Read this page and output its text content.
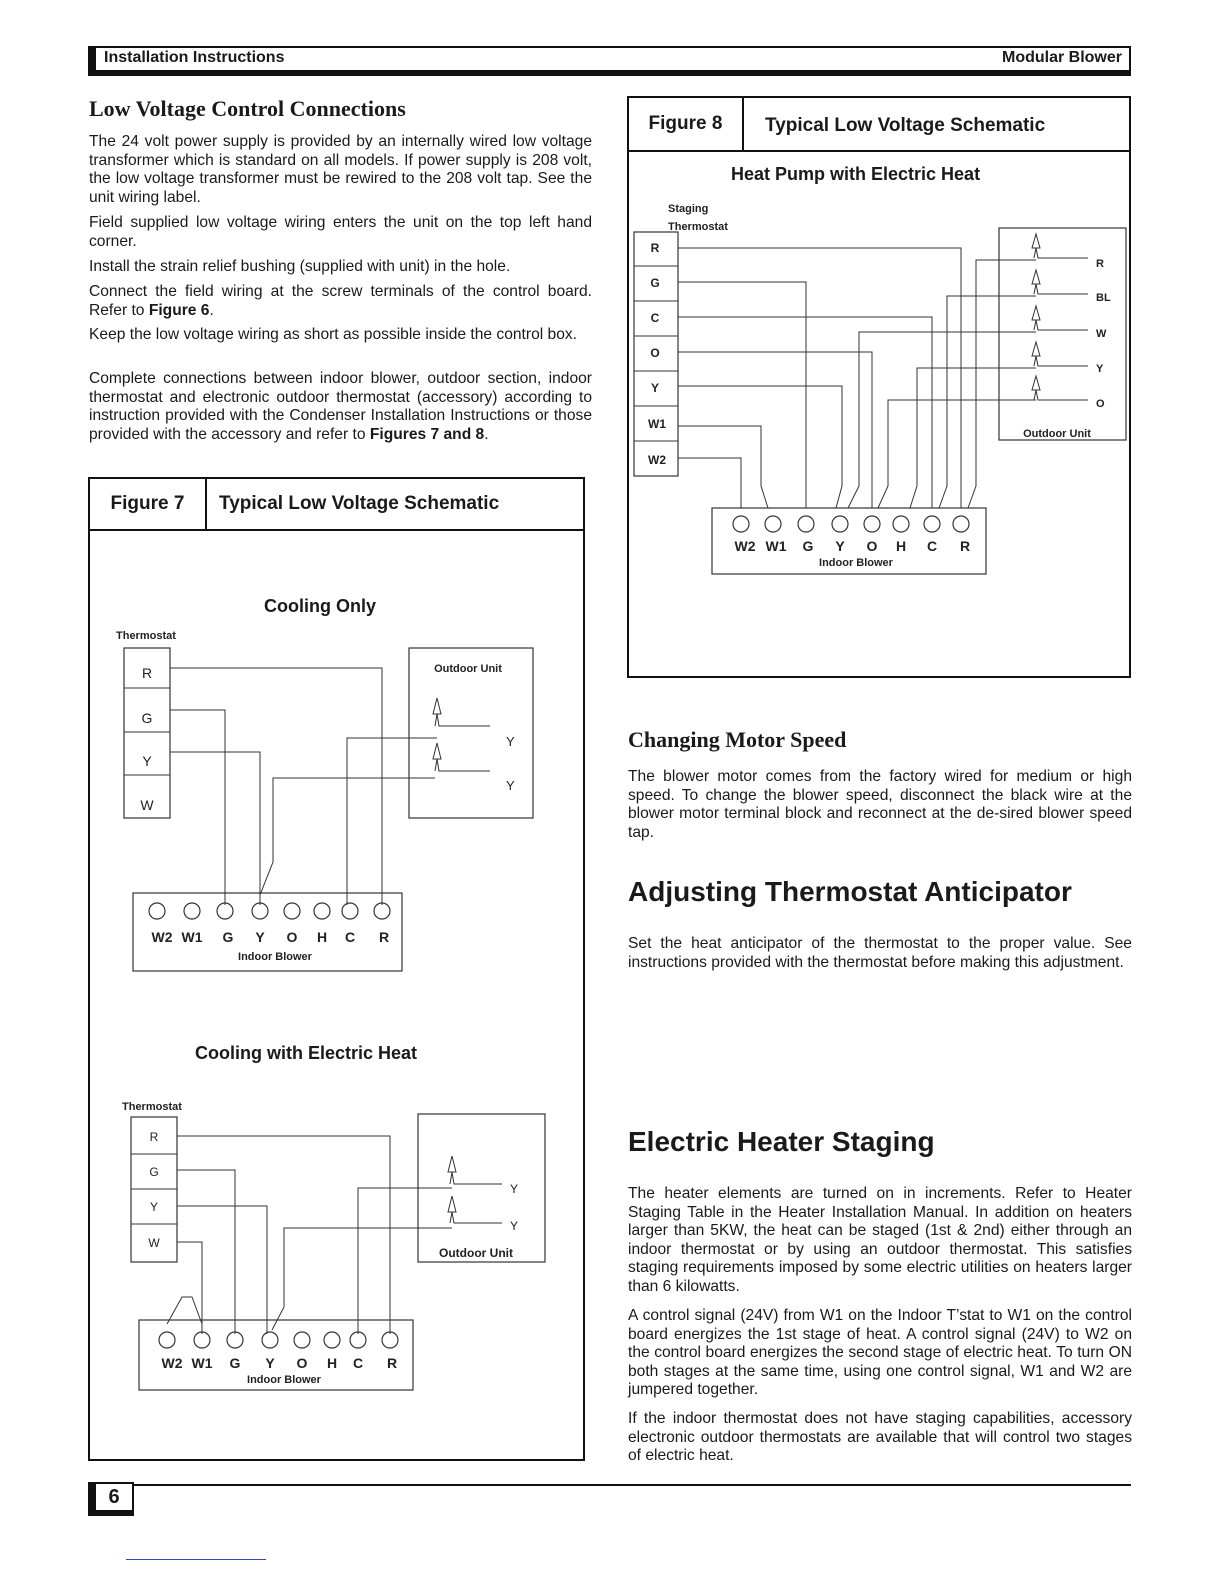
Installation Instructions	Modular Blower
Low Voltage Control Connections

The 24 volt power supply is provided by an internally wired low voltage transformer which is standard on all models. If power supply is 208 volt, the low voltage transformer must be rewired to the 208 volt tap. See the unit wiring label.

Field supplied low voltage wiring enters the unit on the top left hand corner.

Install the strain relief bushing (supplied with unit) in the hole.

Connect the field wiring at the screw terminals of the control board. Refer to Figure 6.

Keep the low voltage wiring as short as possible inside the control box.

Complete connections between indoor blower, outdoor section, indoor thermostat and electronic outdoor thermostat (accessory) according to instruction provided with the Condenser Installation Instructions or those provided with the accessory and refer to Figures 7 and 8.

Figure 7	Typical Low Voltage Schematic
Cooling Only
Cooling with Electric Heat
Thermostat
R
G
Y
W
Outdoor Unit
Y
Y
W2 W1 G Y O H C R
Indoor Blower
Thermostat
R
G
Y
W
Y
Y
Outdoor Unit
W2 W1 G Y O H C R
Indoor Blower
Figure 8	Typical Low Voltage Schematic
Heat Pump with Electric Heat
Staging
Thermostat
R
G
C
O
Y
W1
W2
R
BL
W
Y
O
Outdoor Unit
W2 W1 G Y O H C R
Indoor Blower
Changing Motor Speed

The blower motor comes from the factory wired for medium or high speed. To change the blower speed, disconnect the black wire at the blower motor terminal block and reconnect at the de-sired blower speed tap.

Adjusting Thermostat Anticipator

Set the heat anticipator of the thermostat to the proper value. See instructions provided with the thermostat before making this adjustment.

Electric Heater Staging

The heater elements are turned on in increments. Refer to Heater Staging Table in the Heater Installation Manual. In addition on heaters larger than 5KW, the heat can be staged (1st & 2nd) either through an indoor thermostat or by using an outdoor thermostat. This satisfies staging requirements imposed by some electric utilities on heaters larger than 6 kilowatts.

A control signal (24V) from W1 on the Indoor T’stat to W1 on the control board energizes the 1st stage of heat. A control signal (24V) to W2 on the control board energizes the second stage of electric heat. To turn ON both stages at the same time, using one control signal, W1 and W2 are jumpered together.

If the indoor thermostat does not have staging capabilities, accessory electronic outdoor thermostats are available that will control two stages of electric heat.

6
